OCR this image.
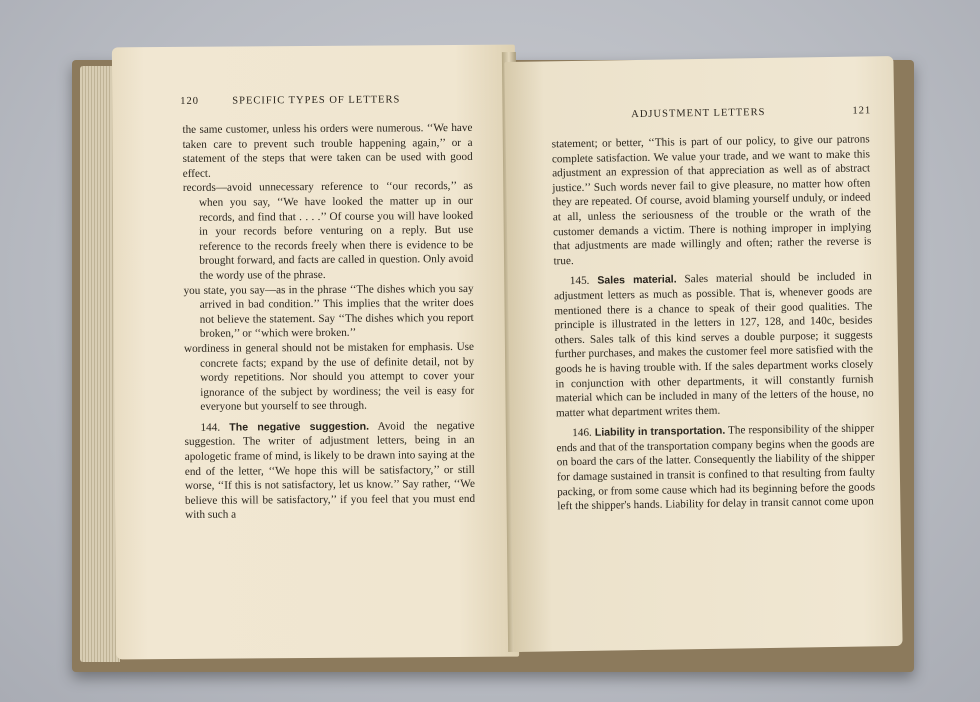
120	SPECIFIC TYPES OF LETTERS

the same customer, unless his orders were numerous. ‘‘We have taken care to prevent such trouble happening again,’’ or a statement of the steps that were taken can be used with good effect.

records—avoid unnecessary reference to ‘‘our records,’’ as when you say, ‘‘We have looked the matter up in our records, and find that . . . .’’ Of course you will have looked in your records before venturing on a reply. But use reference to the records freely when there is evidence to be brought forward, and facts are called in question. Only avoid the wordy use of the phrase.

you state, you say—as in the phrase ‘‘The dishes which you say arrived in bad condition.’’ This implies that the writer does not believe the statement. Say ‘‘The dishes which you report broken,’’ or ‘‘which were broken.’’

wordiness in general should not be mistaken for emphasis. Use concrete facts; expand by the use of definite detail, not by wordy repetitions. Nor should you attempt to cover your ignorance of the subject by wordiness; the veil is easy for everyone but yourself to see through.

144. The negative suggestion. Avoid the negative suggestion. The writer of adjustment letters, being in an apologetic frame of mind, is likely to be drawn into saying at the end of the letter, ‘‘We hope this will be satisfactory,’’ or still worse, ‘‘If this is not satisfactory, let us know.’’ Say rather, ‘‘We believe this will be satisfactory,’’ if you feel that you must end with such a

ADJUSTMENT LETTERS	121

statement; or better, ‘‘This is part of our policy, to give our patrons complete satisfaction. We value your trade, and we want to make this adjustment an expression of that appreciation as well as of abstract justice.’’ Such words never fail to give pleasure, no matter how often they are repeated. Of course, avoid blaming yourself unduly, or indeed at all, unless the seriousness of the trouble or the wrath of the customer demands a victim. There is nothing improper in implying that adjustments are made willingly and often; rather the reverse is true.

145. Sales material. Sales material should be included in adjustment letters as much as possible. That is, whenever goods are mentioned there is a chance to speak of their good qualities. The principle is illustrated in the letters in 127, 128, and 140c, besides others. Sales talk of this kind serves a double purpose; it suggests further purchases, and makes the customer feel more satisfied with the goods he is having trouble with. If the sales department works closely in conjunction with other departments, it will constantly furnish material which can be included in many of the letters of the house, no matter what department writes them.

146. Liability in transportation. The responsibility of the shipper ends and that of the transportation company begins when the goods are on board the cars of the latter. Consequently the liability of the shipper for damage sustained in transit is confined to that resulting from faulty packing, or from some cause which had its beginning before the goods left the shipper's hands. Liability for delay in transit cannot come upon
